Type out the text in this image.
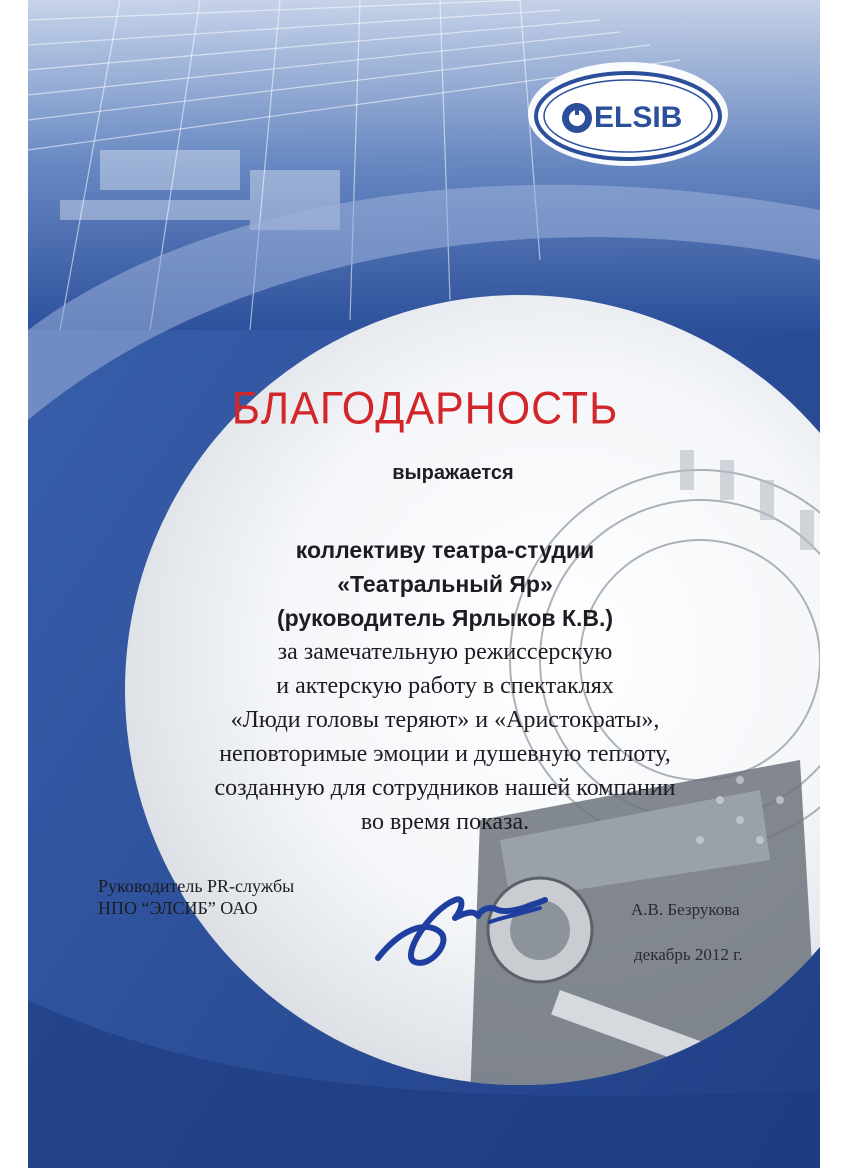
ELSIB
БЛАГОДАРНОСТЬ
выражается
коллективу театра-студии
«Театральный Яр»
(руководитель Ярлыков К.В.)
за замечательную режиссерскую
и актерскую работу в спектаклях
«Люди головы теряют» и «Аристократы»,
неповторимые эмоции и душевную теплоту,
созданную для сотрудников нашей компании
во время показа.
Руководитель PR-службы
НПО “ЭЛСИБ” ОАО	А.В. Безрукова
декабрь 2012 г.
